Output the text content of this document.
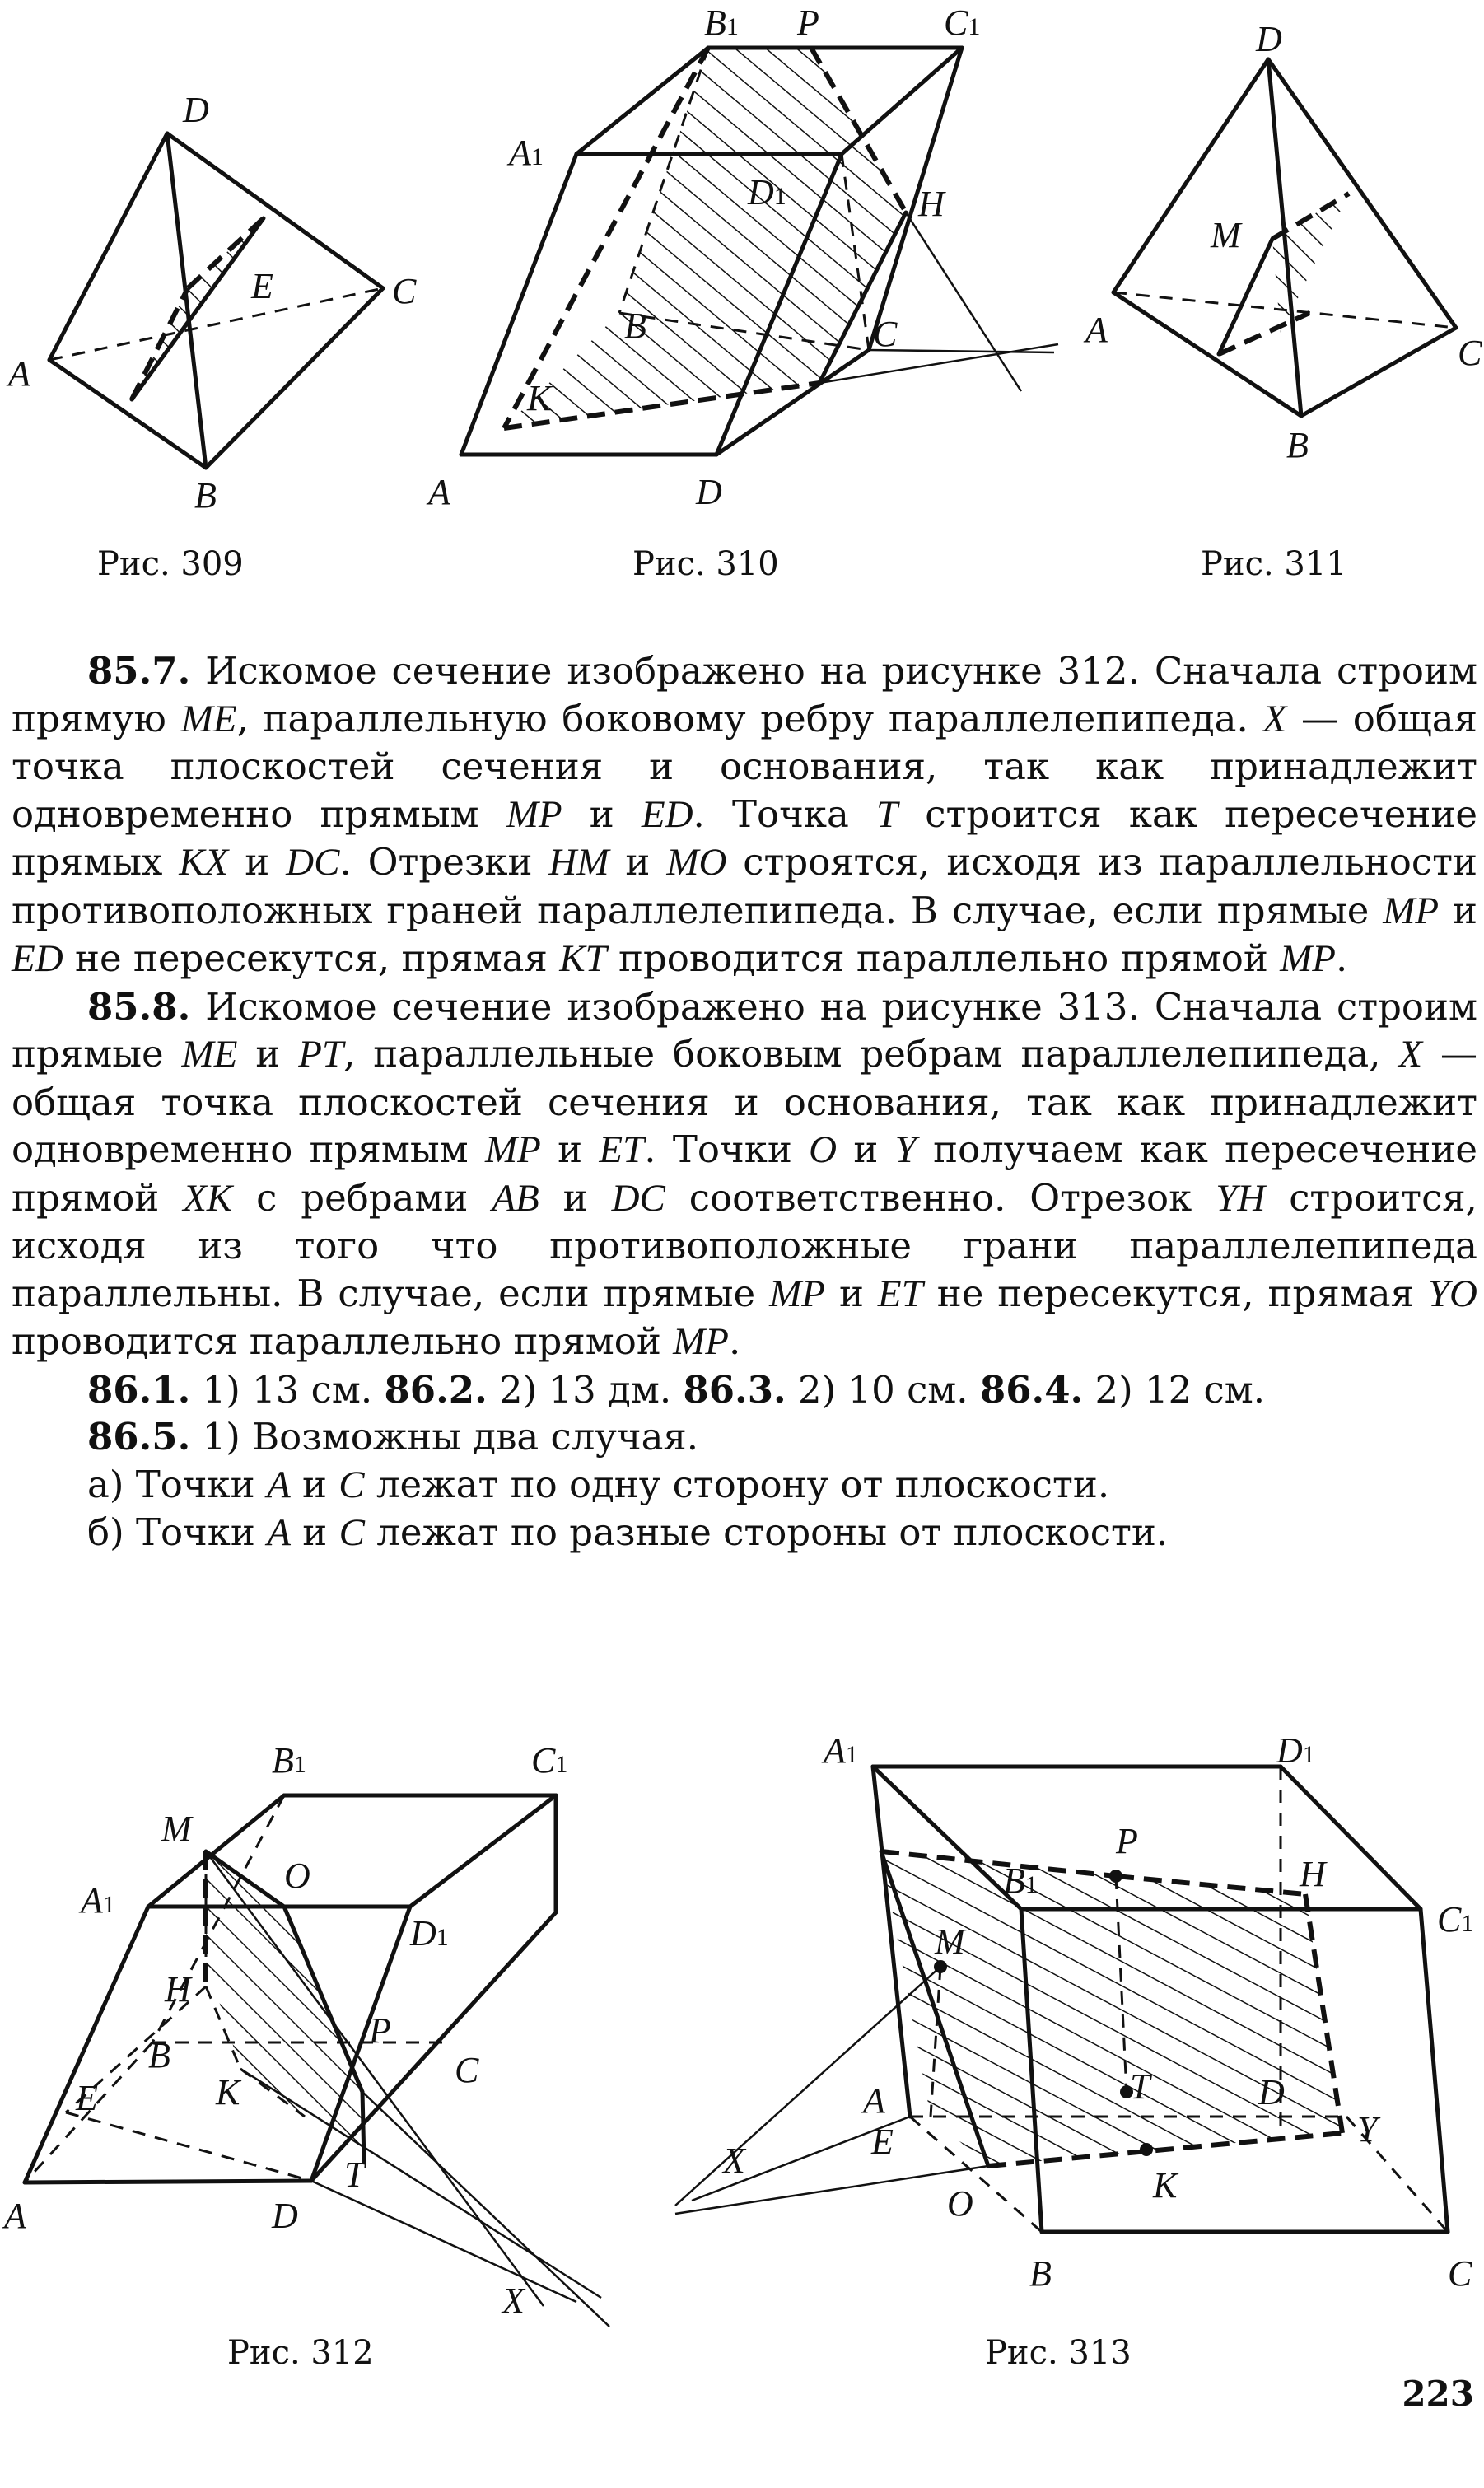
D
A
B
C
E
Рис. 309
B1 P	C1
A1
D1	H
B	C
K
A	D
Рис. 310
D
M
A
C
B
Рис. 311

85.7. Искомое сечение изображено на рисунке 312. Сначала строим прямую ME, параллельную боковому ребру параллелепипеда. X — общая точка плоскостей сечения и основания, так как принадлежит одновременно прямым MP и ED. Точка T строится как пересечение прямых KX и DC. Отрезки HM и MO строятся, исходя из параллельности противоположных граней параллелепипеда. В случае, если прямые MP и ED не пересекутся, прямая KT проводится параллельно прямой MP.

85.8. Искомое сечение изображено на рисунке 313. Сначала строим прямые ME и PT, параллельные боковым ребрам параллелепипеда, X — общая точка плоскостей сечения и основания, так как принадлежит одновременно прямым MP и ET. Точки O и Y получаем как пересечение прямой XK с ребрами AB и DC соответственно. Отрезок YH строится, исходя из того что противоположные грани параллелепипеда параллельны. В случае, если прямые MP и ET не пересекутся, прямая YO проводится параллельно прямой MP.

86.1. 1) 13 см. 86.2. 2) 13 дм. 86.3. 2) 10 см. 86.4. 2) 12 см.

86.5. 1) Возможны два случая.

а) Точки A и C лежат по одну сторону от плоскости.

б) Точки A и C лежат по разные стороны от плоскости.

B1	C1
M
O
A1
D1
H
P
B	C
K
E
T
A	D
X
Рис. 312
A1	D1
P
B1	H
C1
M
T	D
A
E	Y
X
O	K
B	C
Рис. 313
223
